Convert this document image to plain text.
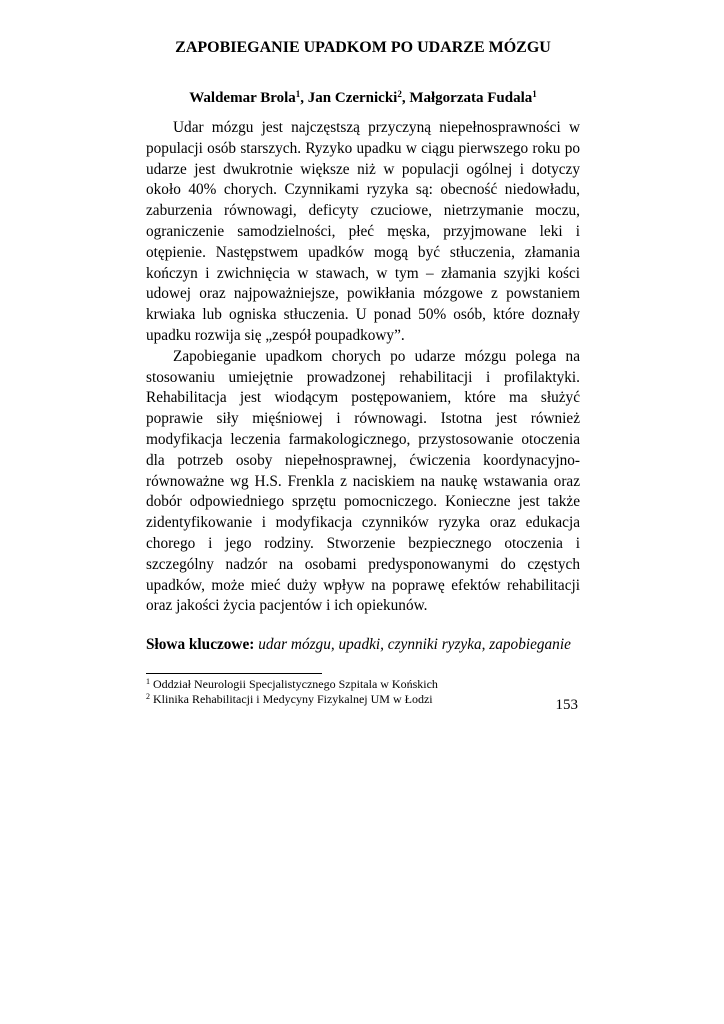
ZAPOBIEGANIE UPADKOM PO UDARZE MÓZGU
Waldemar Brola$^1$, Jan Czernicki$^2$, Małgorzata Fudala$^1$

Udar mózgu jest najczęstszą przyczyną niepełnosprawności w populacji osób starszych. Ryzyko upadku w ciągu pierwszego roku po udarze jest dwukrotnie większe niż w populacji ogólnej i dotyczy około 40% chorych. Czynnikami ryzyka są: obecność niedowładu, zaburzenia równowagi, deficyty czuciowe, nietrzymanie moczu, ograniczenie samodzielności, płeć męska, przyjmowane leki i otępienie. Następstwem upadków mogą być stłuczenia, złamania kończyn i zwichnięcia w stawach, w tym – złamania szyjki kości udowej oraz najpoważniejsze, powikłania mózgowe z powstaniem krwiaka lub ogniska stłuczenia. U ponad 50% osób, które doznały upadku rozwija się „zespół poupadkowy”.

Zapobieganie upadkom chorych po udarze mózgu polega na stosowaniu umiejętnie prowadzonej rehabilitacji i profilaktyki. Rehabilitacja jest wiodącym postępowaniem, które ma służyć poprawie siły mięśniowej i równowagi. Istotna jest również modyfikacja leczenia farmakologicznego, przystosowanie otoczenia dla potrzeb osoby niepełnosprawnej, ćwiczenia koordynacyjno-równoważne wg H.S. Frenkla z naciskiem na naukę wstawania oraz dobór odpowiedniego sprzętu pomocniczego. Konieczne jest także zidentyfikowanie i modyfikacja czynników ryzyka oraz edukacja chorego i jego rodziny. Stworzenie bezpiecznego otoczenia i szczególny nadzór na osobami predysponowanymi do częstych upadków, może mieć duży wpływ na poprawę efektów rehabilitacji oraz jakości życia pacjentów i ich opiekunów.

Słowa kluczowe: udar mózgu, upadki, czynniki ryzyka, zapobieganie
$^1$ Oddział Neurologii Specjalistycznego Szpitala w Końskich
$^2$ Klinika Rehabilitacji i Medycyny Fizykalnej UM w Łodzi	153
